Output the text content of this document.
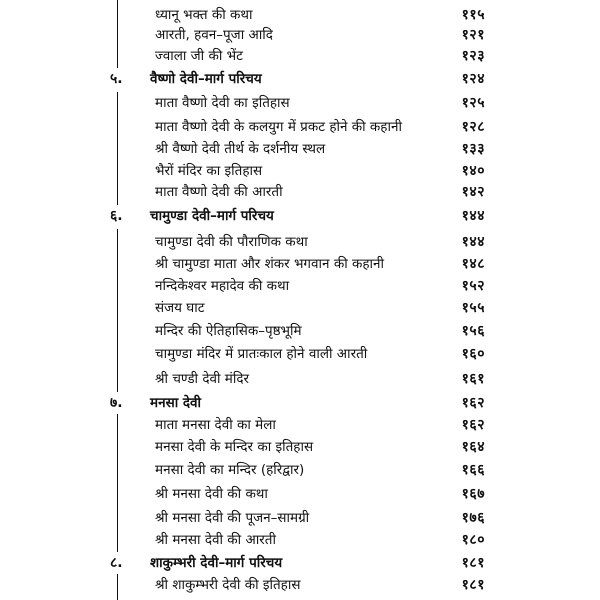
ध्यानू भक्त की कथा	११५
आरती, हवन–पूजा आदि	१२१
ज्वाला जी की भेंट	१२३
५. वैष्णो देवी–मार्ग परिचय	१२४
माता वैष्णो देवी का इतिहास	१२५
माता वैष्णो देवी के कलयुग में प्रकट होने की कहानी	१२८
श्री वैष्णो देवी तीर्थ के दर्शनीय स्थल	१३३
भैरों मंदिर का इतिहास	१४०
माता वैष्णो देवी की आरती	१४२
६. चामुण्डा देवी–मार्ग परिचय	१४४
चामुण्डा देवी की पौराणिक कथा	१४४
श्री चामुण्डा माता और शंकर भगवान की कहानी	१४८
नन्दिकेश्वर महादेव की कथा	१५२
संजय घाट	१५५
मन्दिर की ऐतिहासिक–पृष्ठभूमि	१५६
चामुण्डा मंदिर में प्रातःकाल होने वाली आरती	१६०
श्री चण्डी देवी मंदिर	१६१
७. मनसा देवी	१६२
माता मनसा देवी का मेला	१६२
मनसा देवी के मन्दिर का इतिहास	१६४
मनसा देवी का मन्दिर (हरिद्वार)	१६६
श्री मनसा देवी की कथा	१६७
श्री मनसा देवी की पूजन–सामग्री	१७६
श्री मनसा देवी की आरती	१८०
८. शाकुम्भरी देवी–मार्ग परिचय	१८१
श्री शाकुम्भरी देवी की इतिहास	१८१
